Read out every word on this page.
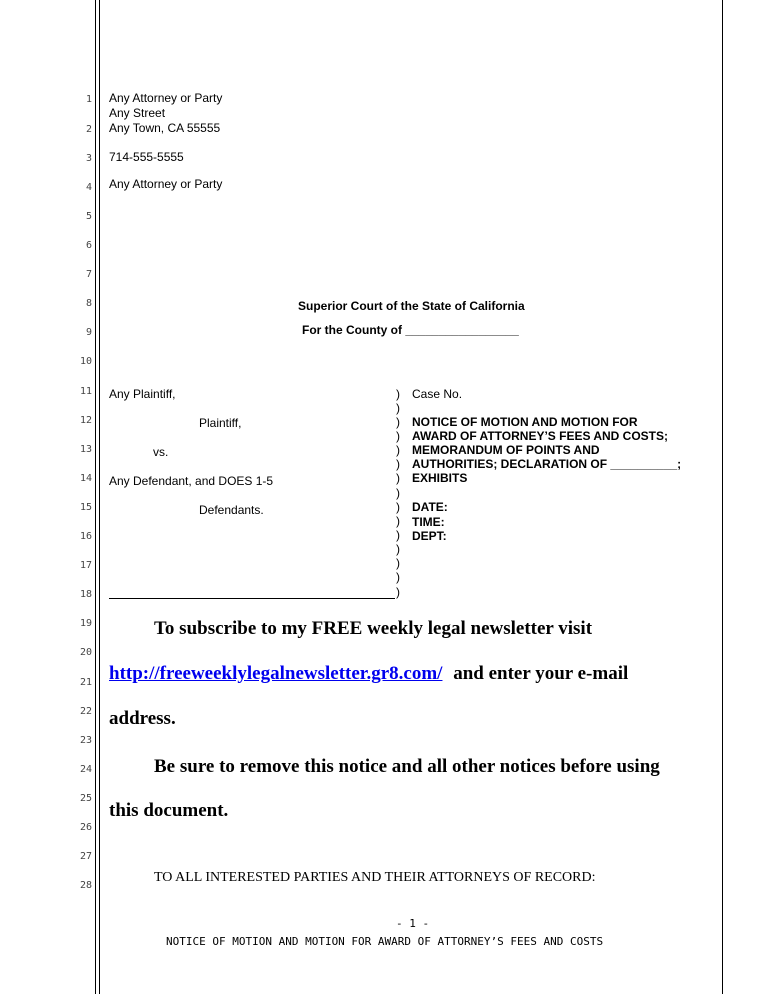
1
2
3
4
5
6
7
8
9
10
11
12
13
14
15
16
17
18
19
20
21
22
23
24
25
26
27
28
Any Attorney or Party
Any Street
Any Town, CA 55555
714-555-5555
Any Attorney or Party
Superior Court of the State of California
For the County of _________________
Any Plaintiff,
Plaintiff,
vs.
Any Defendant, and DOES 1-5
Defendants.
)
)
)
)
)
)
)
)
)
)
)
)
)
)
)
Case No.
NOTICE OF MOTION AND MOTION FOR
AWARD OF ATTORNEY’S FEES AND COSTS;
MEMORANDUM OF POINTS AND
AUTHORITIES; DECLARATION OF __________;
EXHIBITS
DATE:
TIME:
DEPT:
To subscribe to my FREE weekly legal newsletter visit
http://freeweeklylegalnewsletter.gr8.com/ and enter your e-mail
address.
Be sure to remove this notice and all other notices before using
this document.
TO ALL INTERESTED PARTIES AND THEIR ATTORNEYS OF RECORD:
- 1 -
NOTICE OF MOTION AND MOTION FOR AWARD OF ATTORNEY’S FEES AND COSTS
